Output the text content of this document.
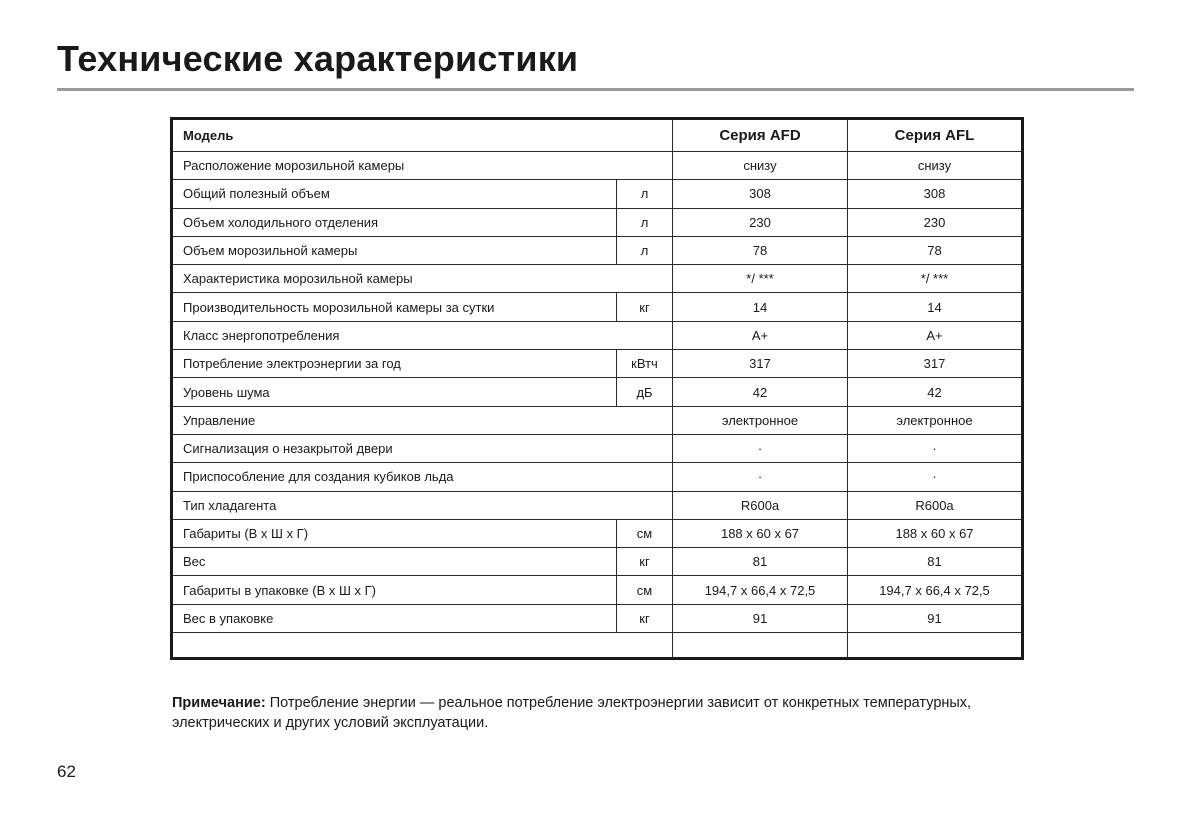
Технические характеристики
Модель		Серия AFD	Серия AFL
Расположение морозильной камеры		снизу	снизу
Общий полезный объем	л	308	308
Объем холодильного отделения	л	230	230
Объем морозильной камеры	л	78	78
Характеристика морозильной камеры		*/ ***	*/ ***
Производительность морозильной камеры за сутки	кг	14	14
Класс энергопотребления		A+	A+
Потребление электроэнергии за год	кВтч	317	317
Уровень шума	дБ	42	42
Управление		электронное	электронное
Сигнализация о незакрытой двери		·	·
Приспособление для создания кубиков льда		·	·
Тип хладагента		R600a	R600a
Габариты (В х Ш х Г)	см	188 х 60 х 67	188 х 60 х 67
Вес	кг	81	81
Габариты в упаковке (В х Ш х Г)	см	194,7 х 66,4 х 72,5	194,7 х 66,4 х 72,5
Вес в упаковке	кг	91	91

Примечание: Потребление энергии — реальное потребление электроэнергии зависит от конкретных температурных, электрических и других условий эксплуатации.

62
